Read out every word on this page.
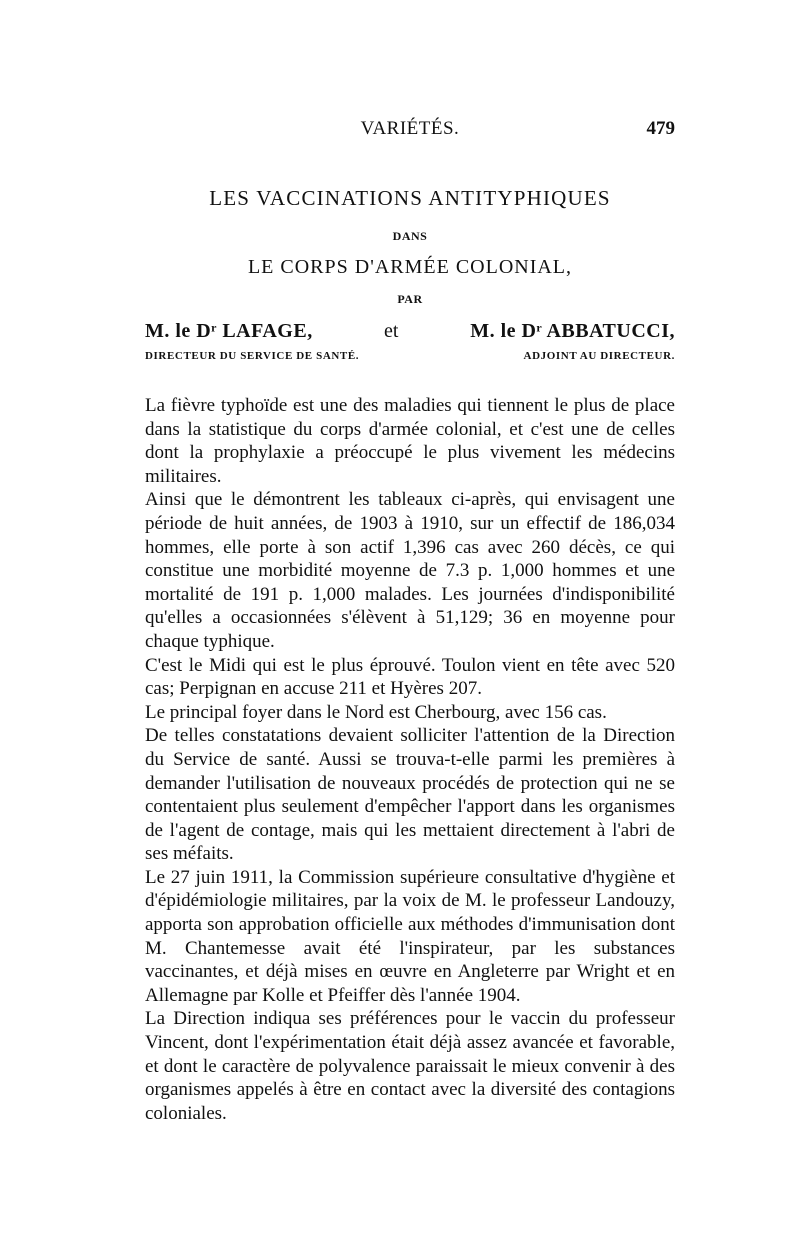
VARIÉTÉS.	479
LES VACCINATIONS ANTITYPHIQUES
DANS
LE CORPS D'ARMÉE COLONIAL,
PAR
M. le Dʳ LAFAGE,	et	M. le Dʳ ABBATUCCI,
DIRECTEUR DU SERVICE DE SANTÉ.	ADJOINT AU DIRECTEUR.

La fièvre typhoïde est une des maladies qui tiennent le plus de place dans la statistique du corps d'armée colonial, et c'est une de celles dont la prophylaxie a préoccupé le plus vivement les médecins militaires.

Ainsi que le démontrent les tableaux ci-après, qui envisagent une période de huit années, de 1903 à 1910, sur un effectif de 186,034 hommes, elle porte à son actif 1,396 cas avec 260 décès, ce qui constitue une morbidité moyenne de 7.3 p. 1,000 hommes et une mortalité de 191 p. 1,000 malades. Les journées d'indisponibilité qu'elles a occasionnées s'élèvent à 51,129; 36 en moyenne pour chaque typhique.

C'est le Midi qui est le plus éprouvé. Toulon vient en tête avec 520 cas; Perpignan en accuse 211 et Hyères 207.

Le principal foyer dans le Nord est Cherbourg, avec 156 cas.

De telles constatations devaient solliciter l'attention de la Direction du Service de santé. Aussi se trouva-t-elle parmi les premières à demander l'utilisation de nouveaux procédés de protection qui ne se contentaient plus seulement d'empêcher l'apport dans les organismes de l'agent de contage, mais qui les mettaient directement à l'abri de ses méfaits.

Le 27 juin 1911, la Commission supérieure consultative d'hygiène et d'épidémiologie militaires, par la voix de M. le professeur Landouzy, apporta son approbation officielle aux méthodes d'immunisation dont M. Chantemesse avait été l'inspirateur, par les substances vaccinantes, et déjà mises en œuvre en Angleterre par Wright et en Allemagne par Kolle et Pfeiffer dès l'année 1904.

La Direction indiqua ses préférences pour le vaccin du professeur Vincent, dont l'expérimentation était déjà assez avancée et favorable, et dont le caractère de polyvalence paraissait le mieux convenir à des organismes appelés à être en contact avec la diversité des contagions coloniales.
